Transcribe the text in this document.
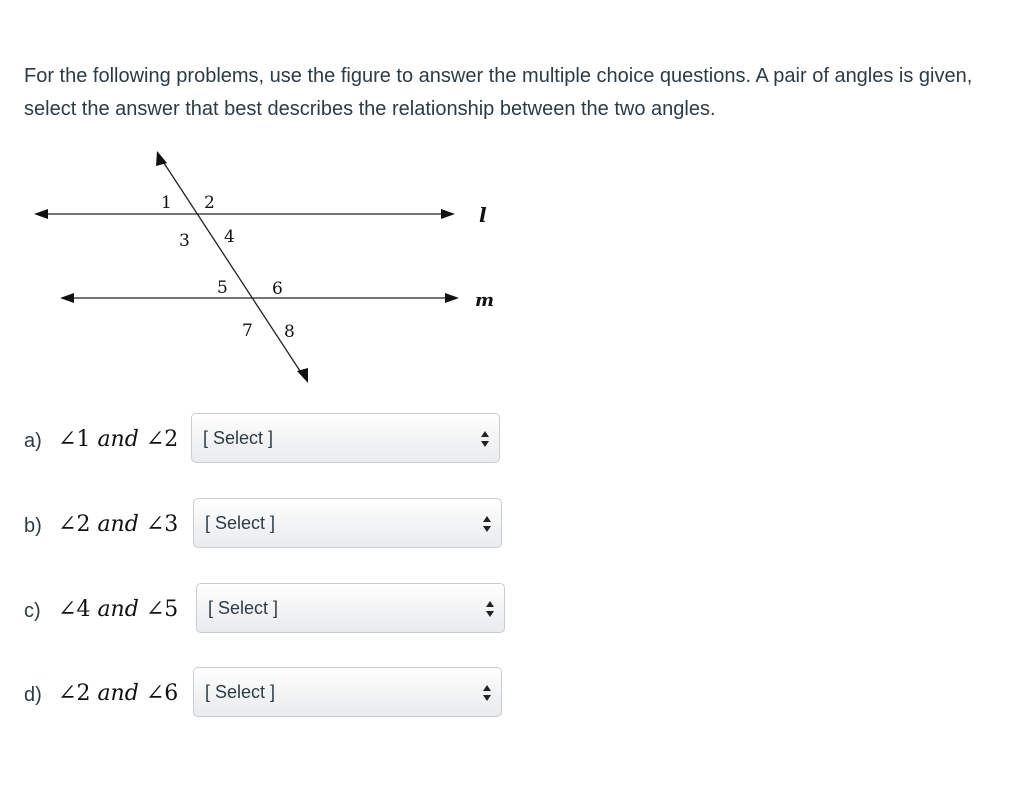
For the following problems, use the figure to answer the multiple choice questions. A pair of angles is given, select the answer that best describes the relationship between the two angles.
1 2
3 4
5	6
7 8
l
m
a) ∠1 and ∠2 [ Select ]
b) ∠2 and ∠3 [ Select ]
c) ∠4 and ∠5 [ Select ]
d) ∠2 and ∠6 [ Select ]
